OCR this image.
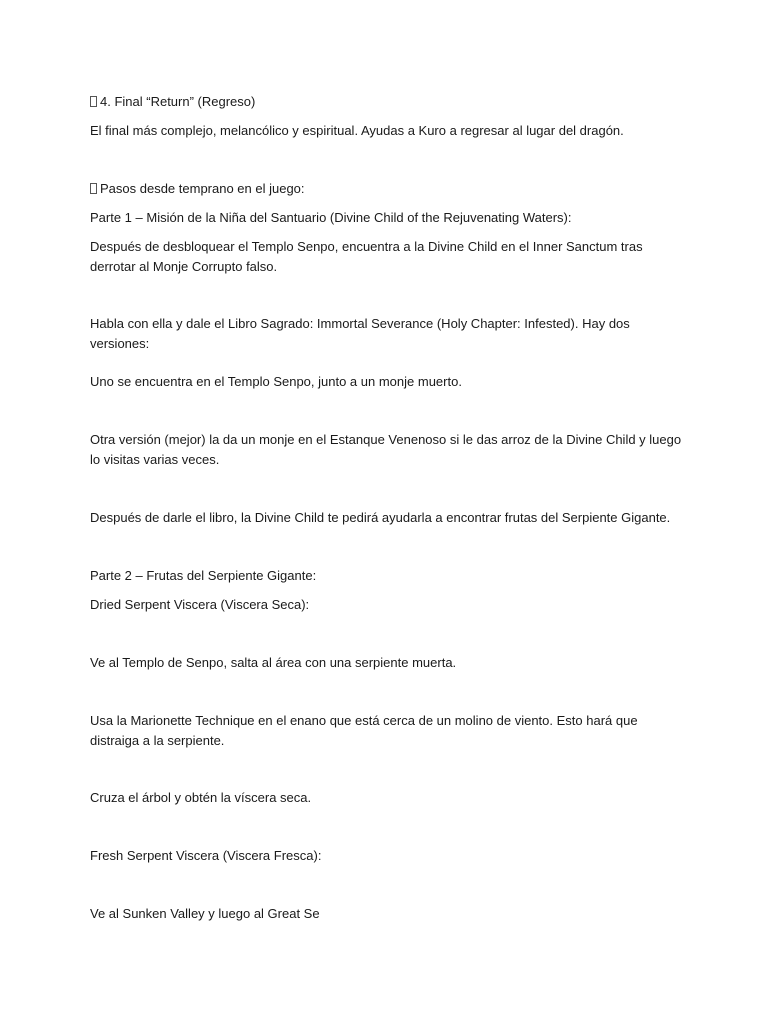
4. Final “Return” (Regreso)

El final más complejo, melancólico y espiritual. Ayudas a Kuro a regresar al lugar del dragón.

Pasos desde temprano en el juego:

Parte 1 – Misión de la Niña del Santuario (Divine Child of the Rejuvenating Waters):

Después de desbloquear el Templo Senpo, encuentra a la Divine Child en el Inner Sanctum tras derrotar al Monje Corrupto falso.

Habla con ella y dale el Libro Sagrado: Immortal Severance (Holy Chapter: Infested). Hay dos versiones:

Uno se encuentra en el Templo Senpo, junto a un monje muerto.

Otra versión (mejor) la da un monje en el Estanque Venenoso si le das arroz de la Divine Child y luego lo visitas varias veces.

Después de darle el libro, la Divine Child te pedirá ayudarla a encontrar frutas del Serpiente Gigante.

Parte 2 – Frutas del Serpiente Gigante:

Dried Serpent Viscera (Viscera Seca):

Ve al Templo de Senpo, salta al área con una serpiente muerta.

Usa la Marionette Technique en el enano que está cerca de un molino de viento. Esto hará que distraiga a la serpiente.

Cruza el árbol y obtén la víscera seca.

Fresh Serpent Viscera (Viscera Fresca):

Ve al Sunken Valley y luego al Great Se
